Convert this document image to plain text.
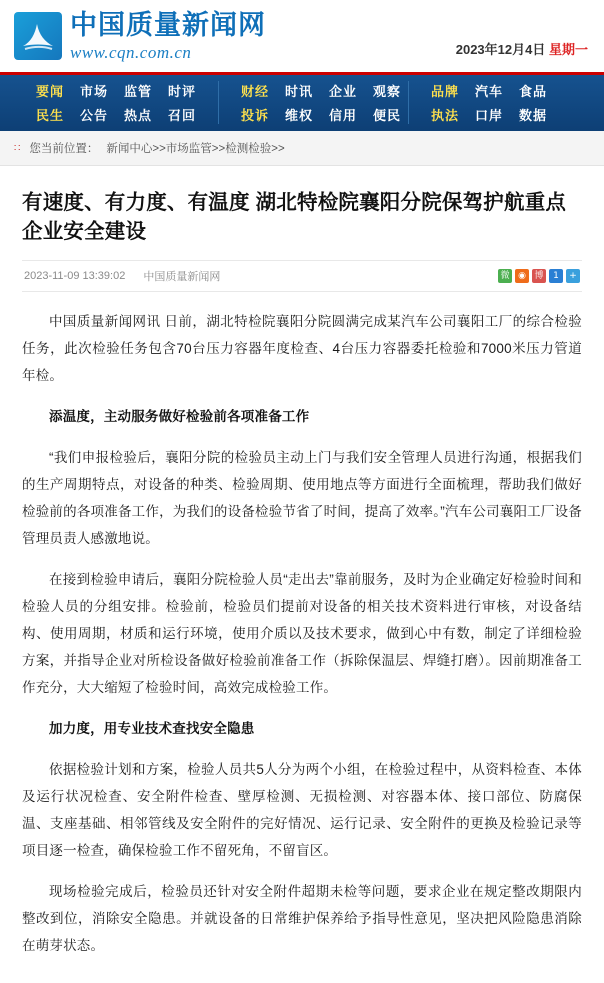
中国质量新闻网
www.cqn.com.cn	2023年12月4日 星期一
要闻 市场 监管 时评
民生 公告 热点 召回
财经 时讯 企业 观察
投诉 维权 信用 便民
品牌 汽车 食品
执法 口岸 数据
∷ 您当前位置： 新闻中心>>市场监管>>检测检验>>
有速度、有力度、有温度 湖北特检院襄阳分院保驾护航重点企业安全建设
2023-11-09 13:39:02 中国质量新闻网	微 ◉ 博	1	+

中国质量新闻网讯 日前，湖北特检院襄阳分院圆满完成某汽车公司襄阳工厂的综合检验任务，此次检验任务包含70台压力容器年度检查、4台压力容器委托检验和7000米压力管道年检。

添温度，主动服务做好检验前各项准备工作

“我们申报检验后，襄阳分院的检验员主动上门与我们安全管理人员进行沟通，根据我们的生产周期特点，对设备的种类、检验周期、使用地点等方面进行全面梳理，帮助我们做好检验前的各项准备工作，为我们的设备检验节省了时间，提高了效率。”汽车公司襄阳工厂设备管理员责人感激地说。

在接到检验申请后，襄阳分院检验人员“走出去”靠前服务，及时为企业确定好检验时间和检验人员的分组安排。检验前，检验员们提前对设备的相关技术资料进行审核，对设备结构、使用周期，材质和运行环境，使用介质以及技术要求，做到心中有数，制定了详细检验方案，并指导企业对所检设备做好检验前准备工作（拆除保温层、焊缝打磨）。因前期准备工作充分，大大缩短了检验时间，高效完成检验工作。

加力度，用专业技术查找安全隐患

依据检验计划和方案，检验人员共5人分为两个小组，在检验过程中，从资料检查、本体及运行状况检查、安全附件检查、壁厚检测、无损检测、对容器本体、接口部位、防腐保温、支座基础、相邻管线及安全附件的完好情况、运行记录、安全附件的更换及检验记录等项目逐一检查，确保检验工作不留死角，不留盲区。

现场检验完成后，检验员还针对安全附件超期未检等问题，要求企业在规定整改期限内整改到位，消除安全隐患。并就设备的日常维护保养给予指导性意见，坚决把风险隐患消除在萌芽状态。
